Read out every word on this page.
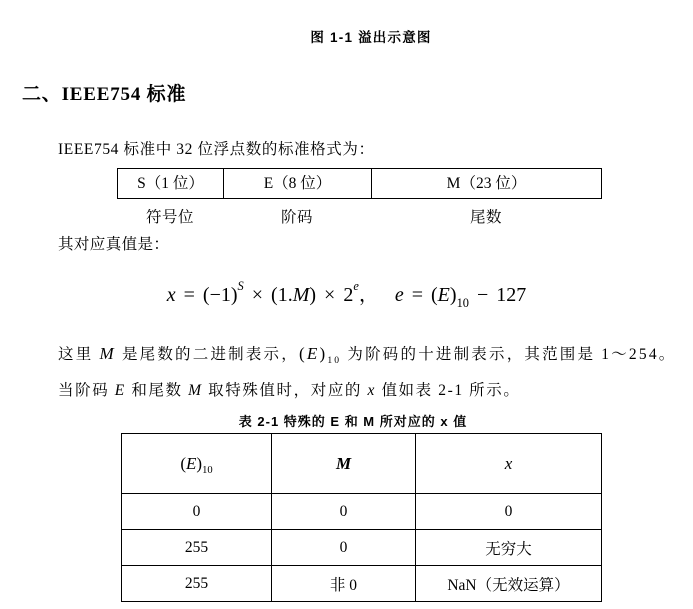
图 1-1 溢出示意图
二、IEEE754 标准

IEEE754 标准中 32 位浮点数的标准格式为：

S（1 位）	E（8 位）	M（23 位）
符号位	阶码	尾数

其对应真值是：

$x = (-1)^S \times (1.M) \times 2^e$，  $e = (E)_{10} - 127$

这里 M 是尾数的二进制表示，$(E)_{10}$ 为阶码的十进制表示，其范围是 1～254。

当阶码 E 和尾数 M 取特殊值时，对应的 x 值如表 2-1 所示。

表 2-1 特殊的 E 和 M 所对应的 x 值
$(E)_{10}$	M	x
0	0	0
255	0	无穷大
255	非 0	NaN（无效运算）
